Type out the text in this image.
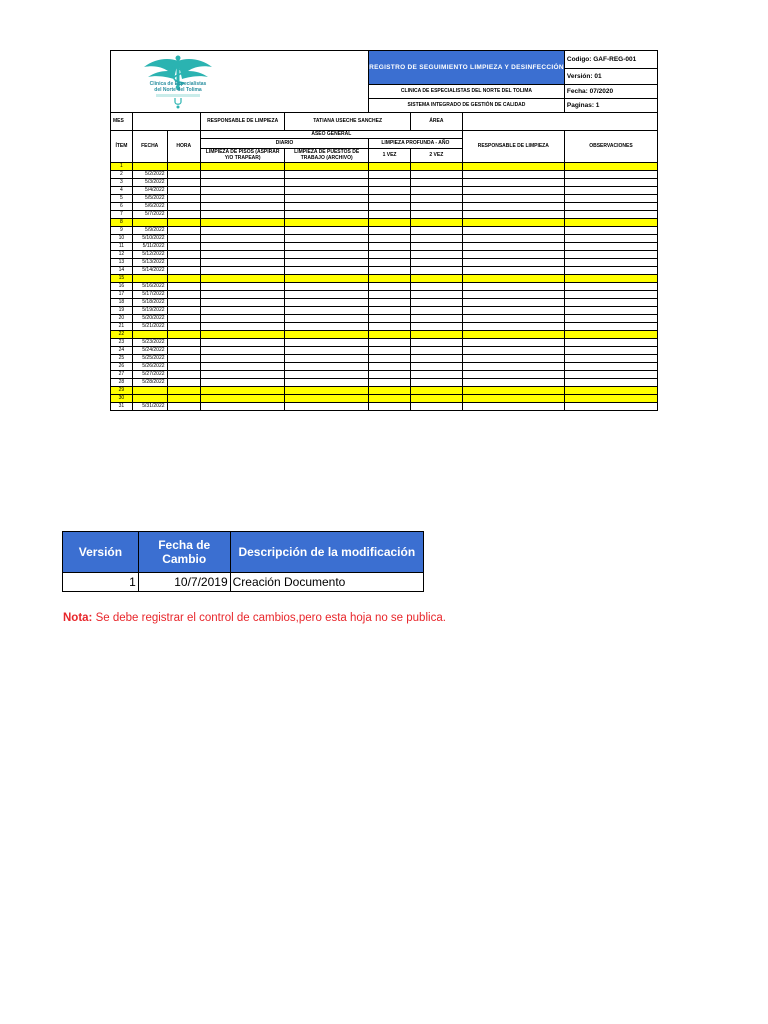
					REGISTRO DE SEGUIMIENTO LIMPIEZA Y DESINFECCIÓN			Codigo: GAF-REG-001
								Versión: 01
					CLINICA DE ESPECIALISTAS DEL NORTE DEL TOLIMA			Fecha: 07/2020
					SISTEMA INTEGRADO DE GESTIÓN DE CALIDAD			Paginas: 1
MES			RESPONSABLE DE LIMPIEZA	TATIANA USECHE SANCHEZ		ÁREA		
ÍTEM	FECHA	HORA	ASEO GENERAL				RESPONSABLE DE LIMPIEZA	OBSERVACIONES
			DIARIO		LIMPIEZA PROFUNDA - AÑO			
			LIMPIEZA DE PISOS (ASPIRAR Y/O TRAPEAR)	LIMPIEZA DE PUESTOS DE TRABAJO (ARCHIVO)	1 VEZ	2 VEZ		

1								
2	5/2/2022							
3	5/3/2022							
4	5/4/2022							
5	5/5/2022							
6	5/6/2022							
7	5/7/2022							
8								
9	5/9/2022							
10	5/10/2022							
11	5/11/2022							
12	5/12/2022							
13	5/13/2022							
14	5/14/2022							
15								
16	5/16/2022							
17	5/17/2022							
18	5/18/2022							
19	5/19/2022							
20	5/20/2022							
21	5/21/2022							
22								
23	5/23/2022							
24	5/24/2022							
25	5/25/2022							
26	5/26/2022							
27	5/27/2022							
28	5/28/2022							
29								
30								
31	5/31/2022							
Clínica de Especialistas
del Norte del Tolima
Versión	Fecha de Cambio	Descripción de la modificación
1	10/7/2019	Creación Documento
Nota: Se debe registrar el control de cambios,pero esta hoja no se publica.
